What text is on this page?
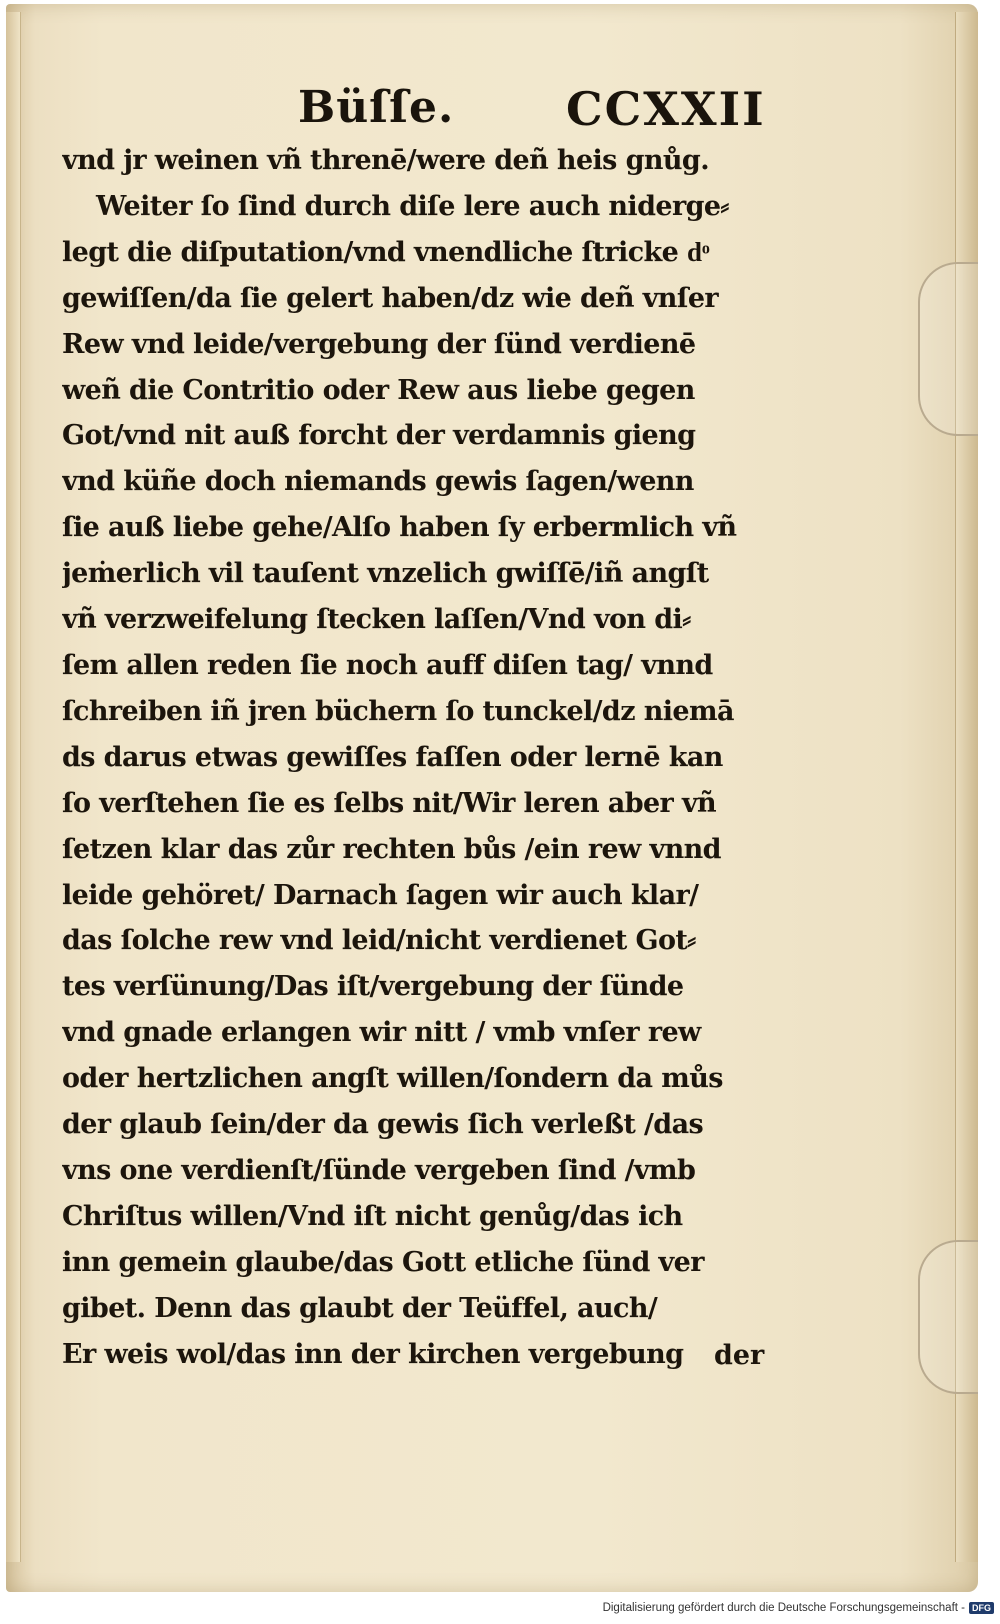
Büſſe. CCXXII
vnd jr weinen vñ threnē/were deñ heis gnůg.
Weiter ſo ſind durch diſe lere auch niderge⸗
legt die diſputation/vnd vnendliche ſtricke dͦ
gewiſſen/da ſie gelert haben/dz wie deñ vnſer
Rew vnd leide/vergebung der ſünd verdienē
weñ die Contritio oder Rew aus liebe gegen
Got/vnd nit auß forcht der verdamnis gieng
vnd küñe doch niemands gewis ſagen/wenn
ſie auß liebe gehe/Alſo haben ſy erbermlich vñ
jeṁerlich vil tauſent vnzelich gwiſſē/iñ angſt
vñ verzweifelung ſtecken laſſen/Vnd von di⸗
ſem allen reden ſie noch auff diſen tag/ vnnd
ſchreiben iñ jren büchern ſo tunckel/dz niemā
ds darus etwas gewiſſes faſſen oder lernē kan
ſo verſtehen ſie es ſelbs nit/Wir leren aber vñ
ſetzen klar das zůr rechten bůs /ein rew vnnd
leide gehöret/ Darnach ſagen wir auch klar/
das ſolche rew vnd leid/nicht verdienet Got⸗
tes verſünung/Das iſt/vergebung der ſünde
vnd gnade erlangen wir nitt / vmb vnſer rew
oder hertzlichen angſt willen/ſondern da můs
der glaub ſein/der da gewis ſich verleßt /das
vns one verdienſt/ſünde vergeben ſind /vmb
Chriſtus willen/Vnd iſt nicht genůg/das ich
inn gemein glaube/das Gott etliche ſünd ver
gibet. Denn das glaubt der Teüffel, auch/
Er weis wol/das inn der kirchen vergebung	der
Digitalisierung gefördert durch die Deutsche Forschungsgemeinschaft - DFG
